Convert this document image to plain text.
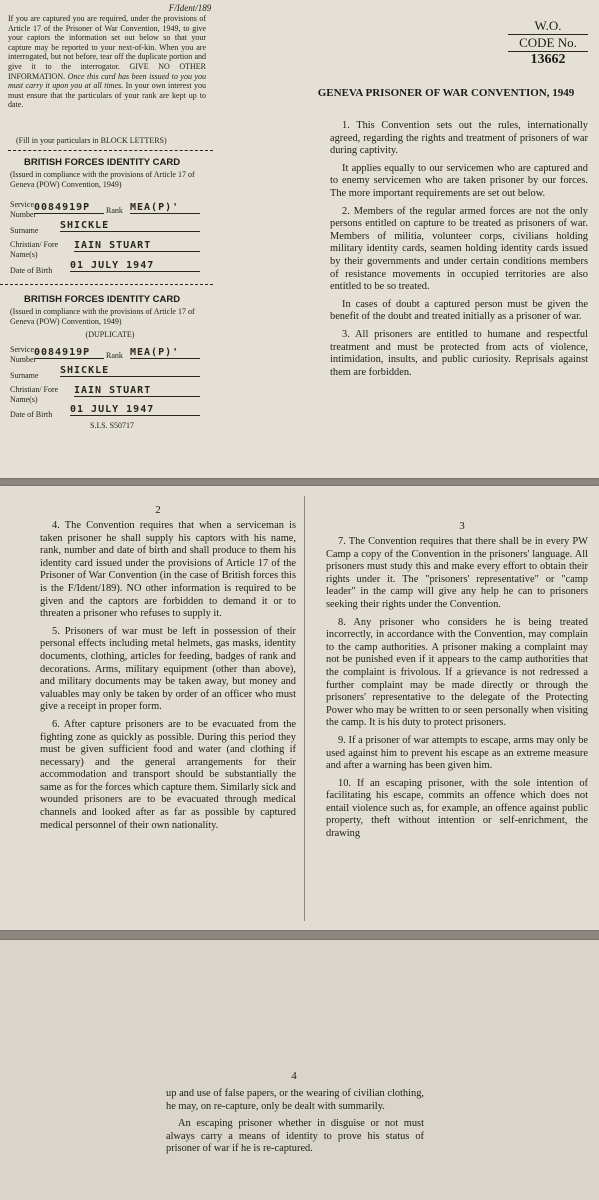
F/Ident/189
If you are captured you are required, under the provisions of Article 17 of the Prisoner of War Convention, 1949, to give your captors the information set out below so that your capture may be reported to your next-of-kin. When you are interrogated, but not before, tear off the duplicate portion and give it to the interrogator. GIVE NO OTHER INFORMATION. Once this card has been issued to you you must carry it upon you at all times. In your own interest you must ensure that the particulars of your rank are kept up to date.
(Fill in your particulars in BLOCK LETTERS)
BRITISH FORCES IDENTITY CARD
(Issued in compliance with the provisions of Article 17 of Geneva (POW) Convention, 1949)
Service Number
0084919P	Rank MEA(P)'
Surname SHICKLE
Christian/ Fore Name(s)
IAIN STUART
Date of Birth 01 JULY 1947
BRITISH FORCES IDENTITY CARD
(Issued in compliance with the provisions of Article 17 of Geneva (POW) Convention, 1949)
(DUPLICATE)
Service Number
0084919P	Rank MEA(P)'
Surname SHICKLE
Christian/ Fore Name(s)
IAIN STUART
Date of Birth 01 JULY 1947
S.I.S. S50717
W.O.
CODE No.
13662
GENEVA PRISONER OF WAR CONVENTION, 1949

1. This Convention sets out the rules, internationally agreed, regarding the rights and treatment of prisoners of war during captivity.

It applies equally to our servicemen who are captured and to enemy servicemen who are taken prisoner by our forces. The more important requirements are set out below.

2. Members of the regular armed forces are not the only persons entitled on capture to be treated as prisoners of war. Members of militia, volunteer corps, civilians holding military identity cards, seamen holding identity cards issued by their governments and under certain conditions members of resistance movements in occupied territories are also entitled to be so treated.

In cases of doubt a captured person must be given the benefit of the doubt and treated initially as a prisoner of war.

3. All prisoners are entitled to humane and respectful treatment and must be protected from acts of violence, intimidation, insults, and public curiosity. Reprisals against them are forbidden.

2

4. The Convention requires that when a serviceman is taken prisoner he shall supply his captors with his name, rank, number and date of birth and shall produce to them his identity card issued under the provisions of Article 17 of the Prisoner of War Convention (in the case of British forces this is the F/Ident/189). NO other information is required to be given and the captors are forbidden to demand it or to threaten a prisoner who refuses to supply it.

5. Prisoners of war must be left in possession of their personal effects including metal helmets, gas masks, identity documents, clothing, articles for feeding, badges of rank and decorations. Arms, military equipment (other than above), and military documents may be taken away, but money and valuables may only be taken by order of an officer who must give a receipt in proper form.

6. After capture prisoners are to be evacuated from the fighting zone as quickly as possible. During this period they must be given sufficient food and water (and clothing if necessary) and the general arrangements for their accommodation and transport should be substantially the same as for the forces which capture them. Similarly sick and wounded prisoners are to be evacuated through medical channels and looked after as far as possible by captured medical personnel of their own nationality.

3

7. The Convention requires that there shall be in every PW Camp a copy of the Convention in the prisoners' language. All prisoners must study this and make every effort to obtain their rights under it. The "prisoners' representative" or "camp leader" in the camp will give any help he can to prisoners seeking their rights under the Convention.

8. Any prisoner who considers he is being treated incorrectly, in accordance with the Convention, may complain to the camp authorities. A prisoner making a complaint may not be punished even if it appears to the camp authorities that the complaint is frivolous. If a grievance is not redressed a further complaint may be made directly or through the prisoners' representative to the delegate of the Protecting Power who may be written to or seen personally when visiting the camp. It is his duty to protect prisoners.

9. If a prisoner of war attempts to escape, arms may only be used against him to prevent his escape as an extreme measure and after a warning has been given him.

10. If an escaping prisoner, with the sole intention of facilitating his escape, commits an offence which does not entail violence such as, for example, an offence against public property, theft without intention or self-enrichment, the drawing

4

up and use of false papers, or the wearing of civilian clothing, he may, on re-capture, only be dealt with summarily.

An escaping prisoner whether in disguise or not must always carry a means of identity to prove his status of prisoner of war if he is re-captured.
